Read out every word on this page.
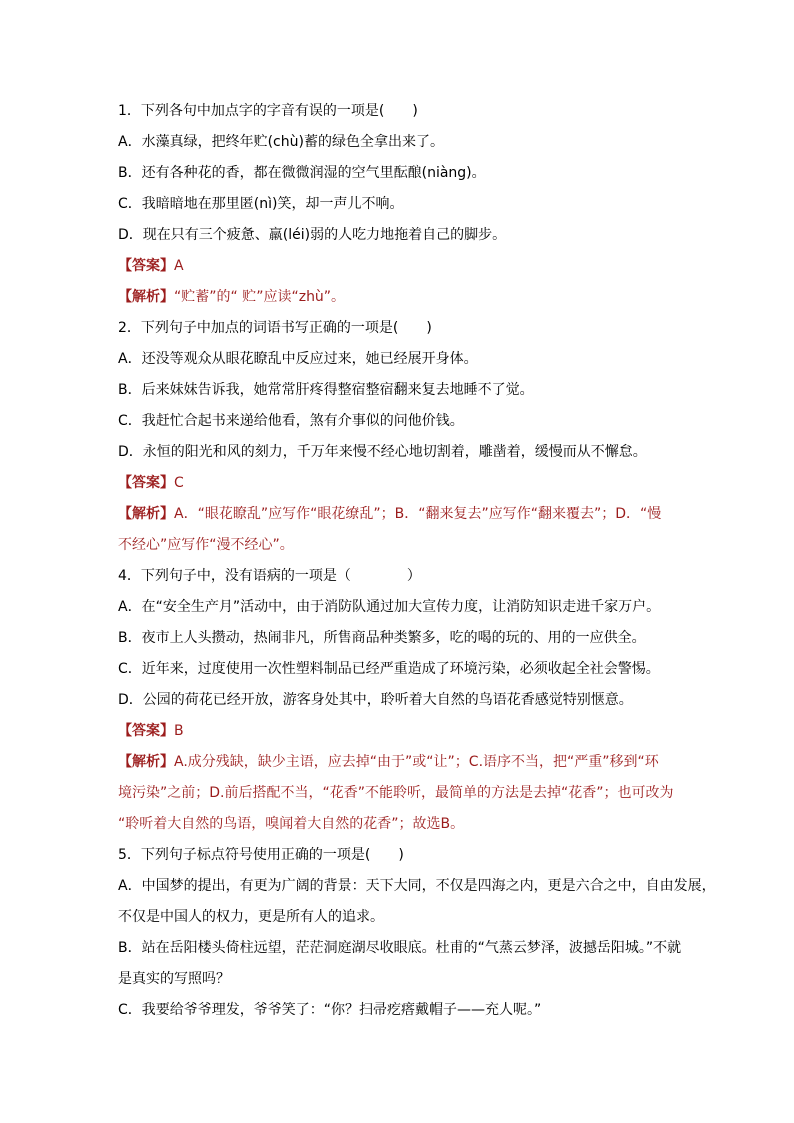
1．下列各句中加点字的字音有误的一项是(　　)
A．水藻真绿，把终年贮(chù)蓄的绿色全拿出来了。
B．还有各种花的香，都在微微润湿的空气里酝酿(niàng)。
C．我暗暗地在那里匿(nì)笑，却一声儿不响。
D．现在只有三个疲惫、羸(léi)弱的人吃力地拖着自己的脚步。
【答案】A
【解析】“贮蓄”的“ 贮”应读“zhù”。
2．下列句子中加点的词语书写正确的一项是(　　)
A．还没等观众从眼花瞭乱中反应过来，她已经展开身体。
B．后来妹妹告诉我，她常常肝疼得整宿整宿翻来复去地睡不了觉。
C．我赶忙合起书来递给他看，煞有介事似的问他价钱。
D．永恒的阳光和风的刻力，千万年来慢不经心地切割着，雕凿着，缓慢而从不懈怠。
【答案】C
【解析】A．“眼花瞭乱”应写作“眼花缭乱”；B．“翻来复去”应写作“翻来覆去”；D．“慢
不经心”应写作“漫不经心”。
4．下列句子中，没有语病的一项是（　　　　）
A．在“安全生产月”活动中，由于消防队通过加大宣传力度，让消防知识走进千家万户。
B．夜市上人头攒动，热闹非凡，所售商品种类繁多，吃的喝的玩的、用的一应供全。
C．近年来，过度使用一次性塑料制品已经严重造成了环境污染，必须收起全社会警惕。
D．公园的荷花已经开放，游客身处其中，聆听着大自然的鸟语花香感觉特别惬意。
【答案】B
【解析】A.成分残缺，缺少主语，应去掉“由于”或“让”；C.语序不当，把“严重”移到“环
境污染”之前；D.前后搭配不当，“花香”不能聆听，最简单的方法是去掉“花香”；也可改为
“聆听着大自然的鸟语，嗅闻着大自然的花香”；故选B。
5．下列句子标点符号使用正确的一项是(　　)
A．中国梦的提出，有更为广阔的背景：天下大同，不仅是四海之内，更是六合之中，自由发展，
不仅是中国人的权力，更是所有人的追求。
B．站在岳阳楼头倚柱远望，茫茫洞庭湖尽收眼底。杜甫的“气蒸云梦泽，波撼岳阳城。”不就
是真实的写照吗？
C．我要给爷爷理发，爷爷笑了：“你？扫帚疙瘩戴帽子——充人呢。”
